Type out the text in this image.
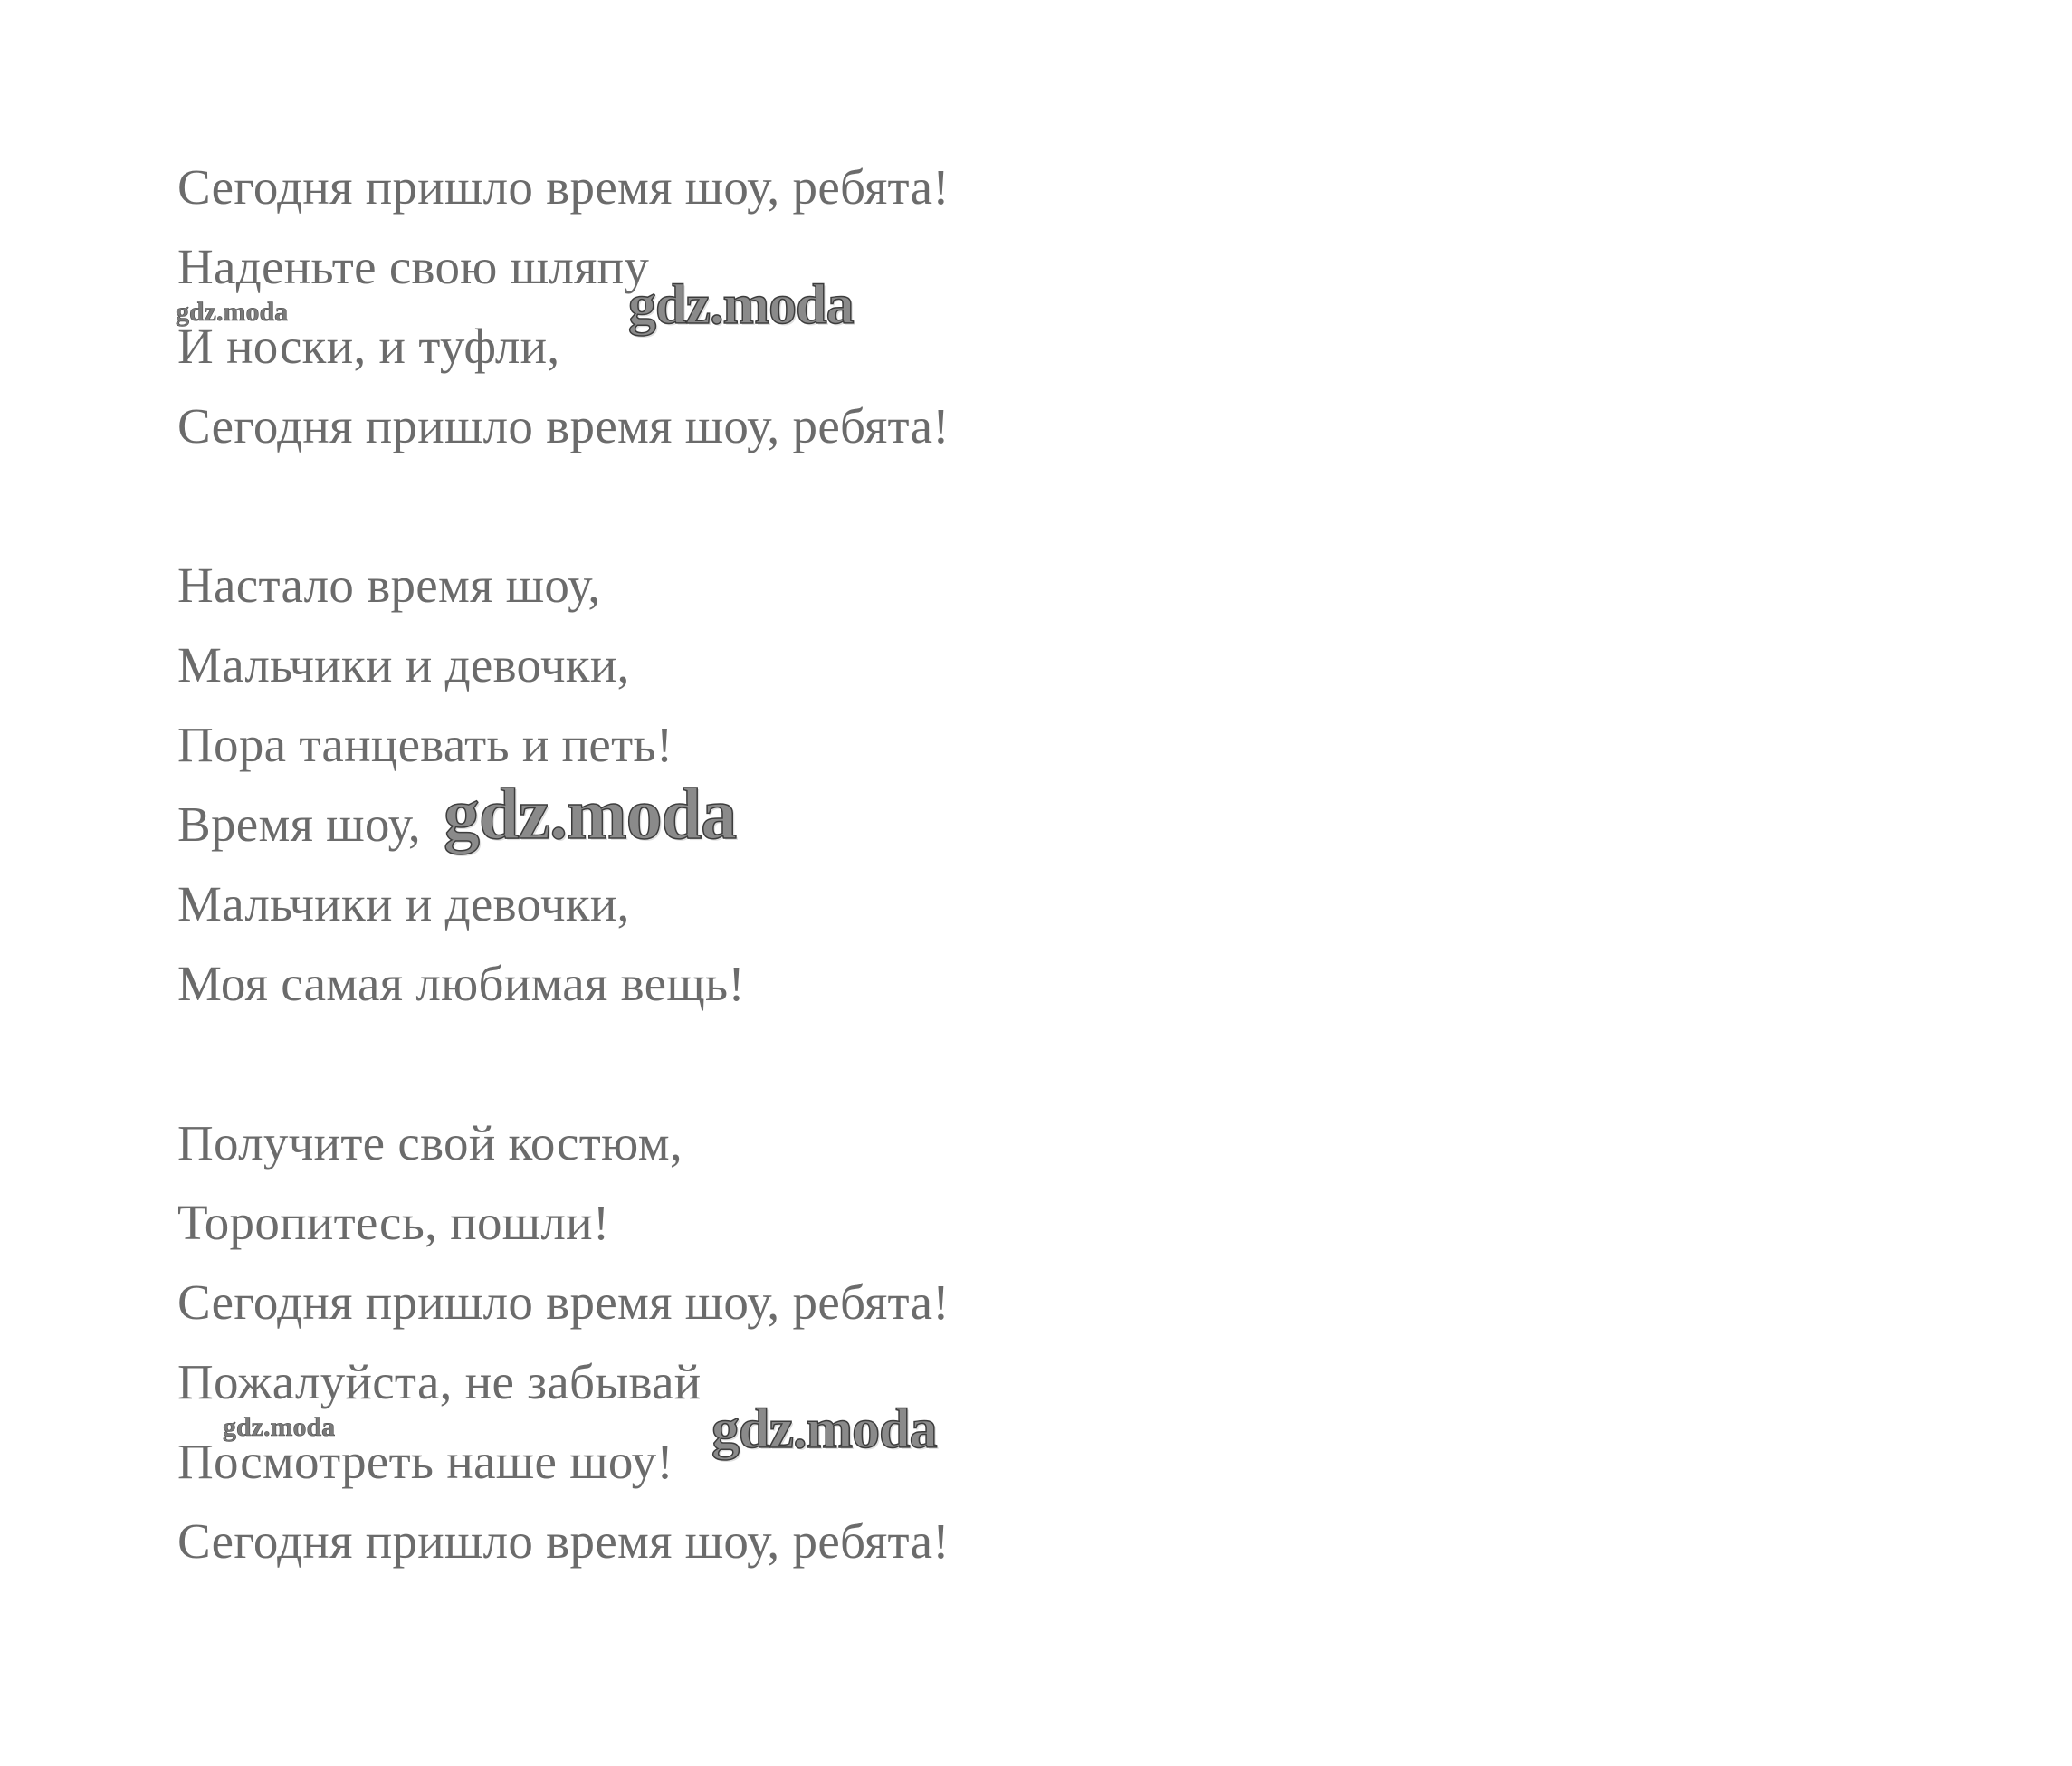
Сегодня пришло время шоу, ребята!
Наденьте свою шляпу
И носки, и туфли,
Сегодня пришло время шоу, ребята!
Настало время шоу,
Мальчики и девочки,
Пора танцевать и петь!
Время шоу,
Мальчики и девочки,
Моя самая любимая вещь!
Получите свой костюм,
Торопитесь, пошли!
Сегодня пришло время шоу, ребята!
Пожалуйста, не забывай
Посмотреть наше шоу!
Сегодня пришло время шоу, ребята!
gdz.moda	gdz.moda
gdz.moda
gdz.moda	gdz.moda
